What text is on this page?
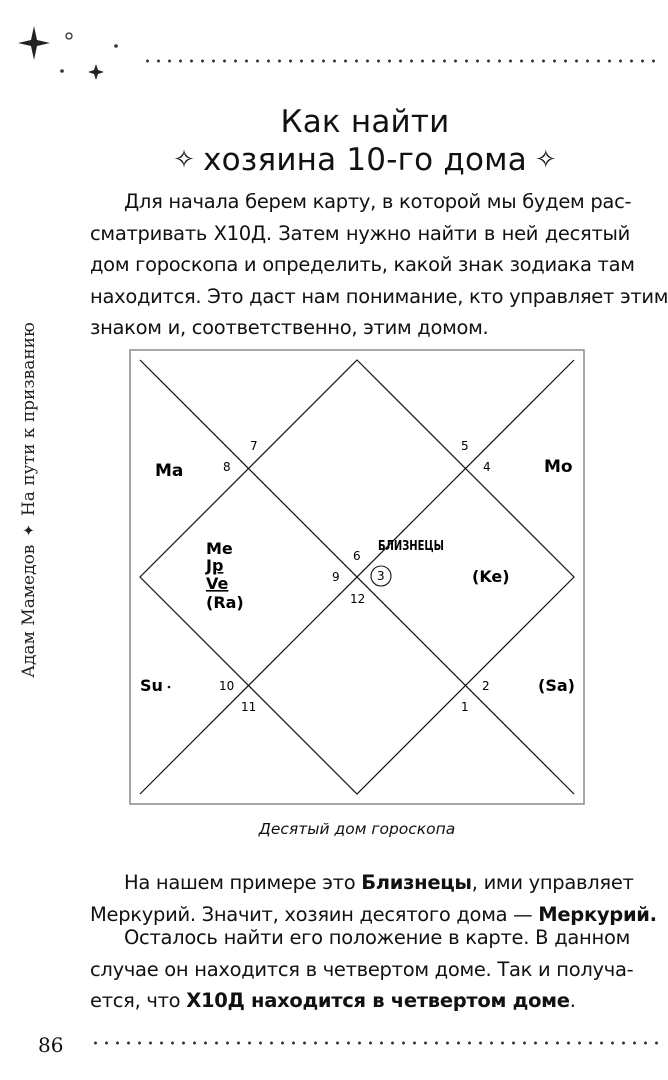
Адам Мамедов✦На пути к призванию
Как найти
✧ хозяина 10-го дома ✧
Для начала берем карту, в которой мы будем рас-
сматривать Х10Д. Затем нужно найти в ней десятый
дом гороскопа и определить, какой знак зодиака там
находится. Это даст нам понимание, кто управляет этим
знаком и, соответственно, этим домом.
7
8
5
4
6
9	3
12
10
11
2
1
БЛИЗНЕЦЫ
Ma	Mo
Me
Jp
Ve
(Ra)
(Ke)
Su	(Sa)
Десятый дом гороскопа
На нашем примере это Близнецы, ими управляет
Меркурий. Значит, хозяин десятого дома — Меркурий.
Осталось найти его положение в карте. В данном
случае он находится в четвертом доме. Так и получа-
ется, что Х10Д находится в четвертом доме.
86
